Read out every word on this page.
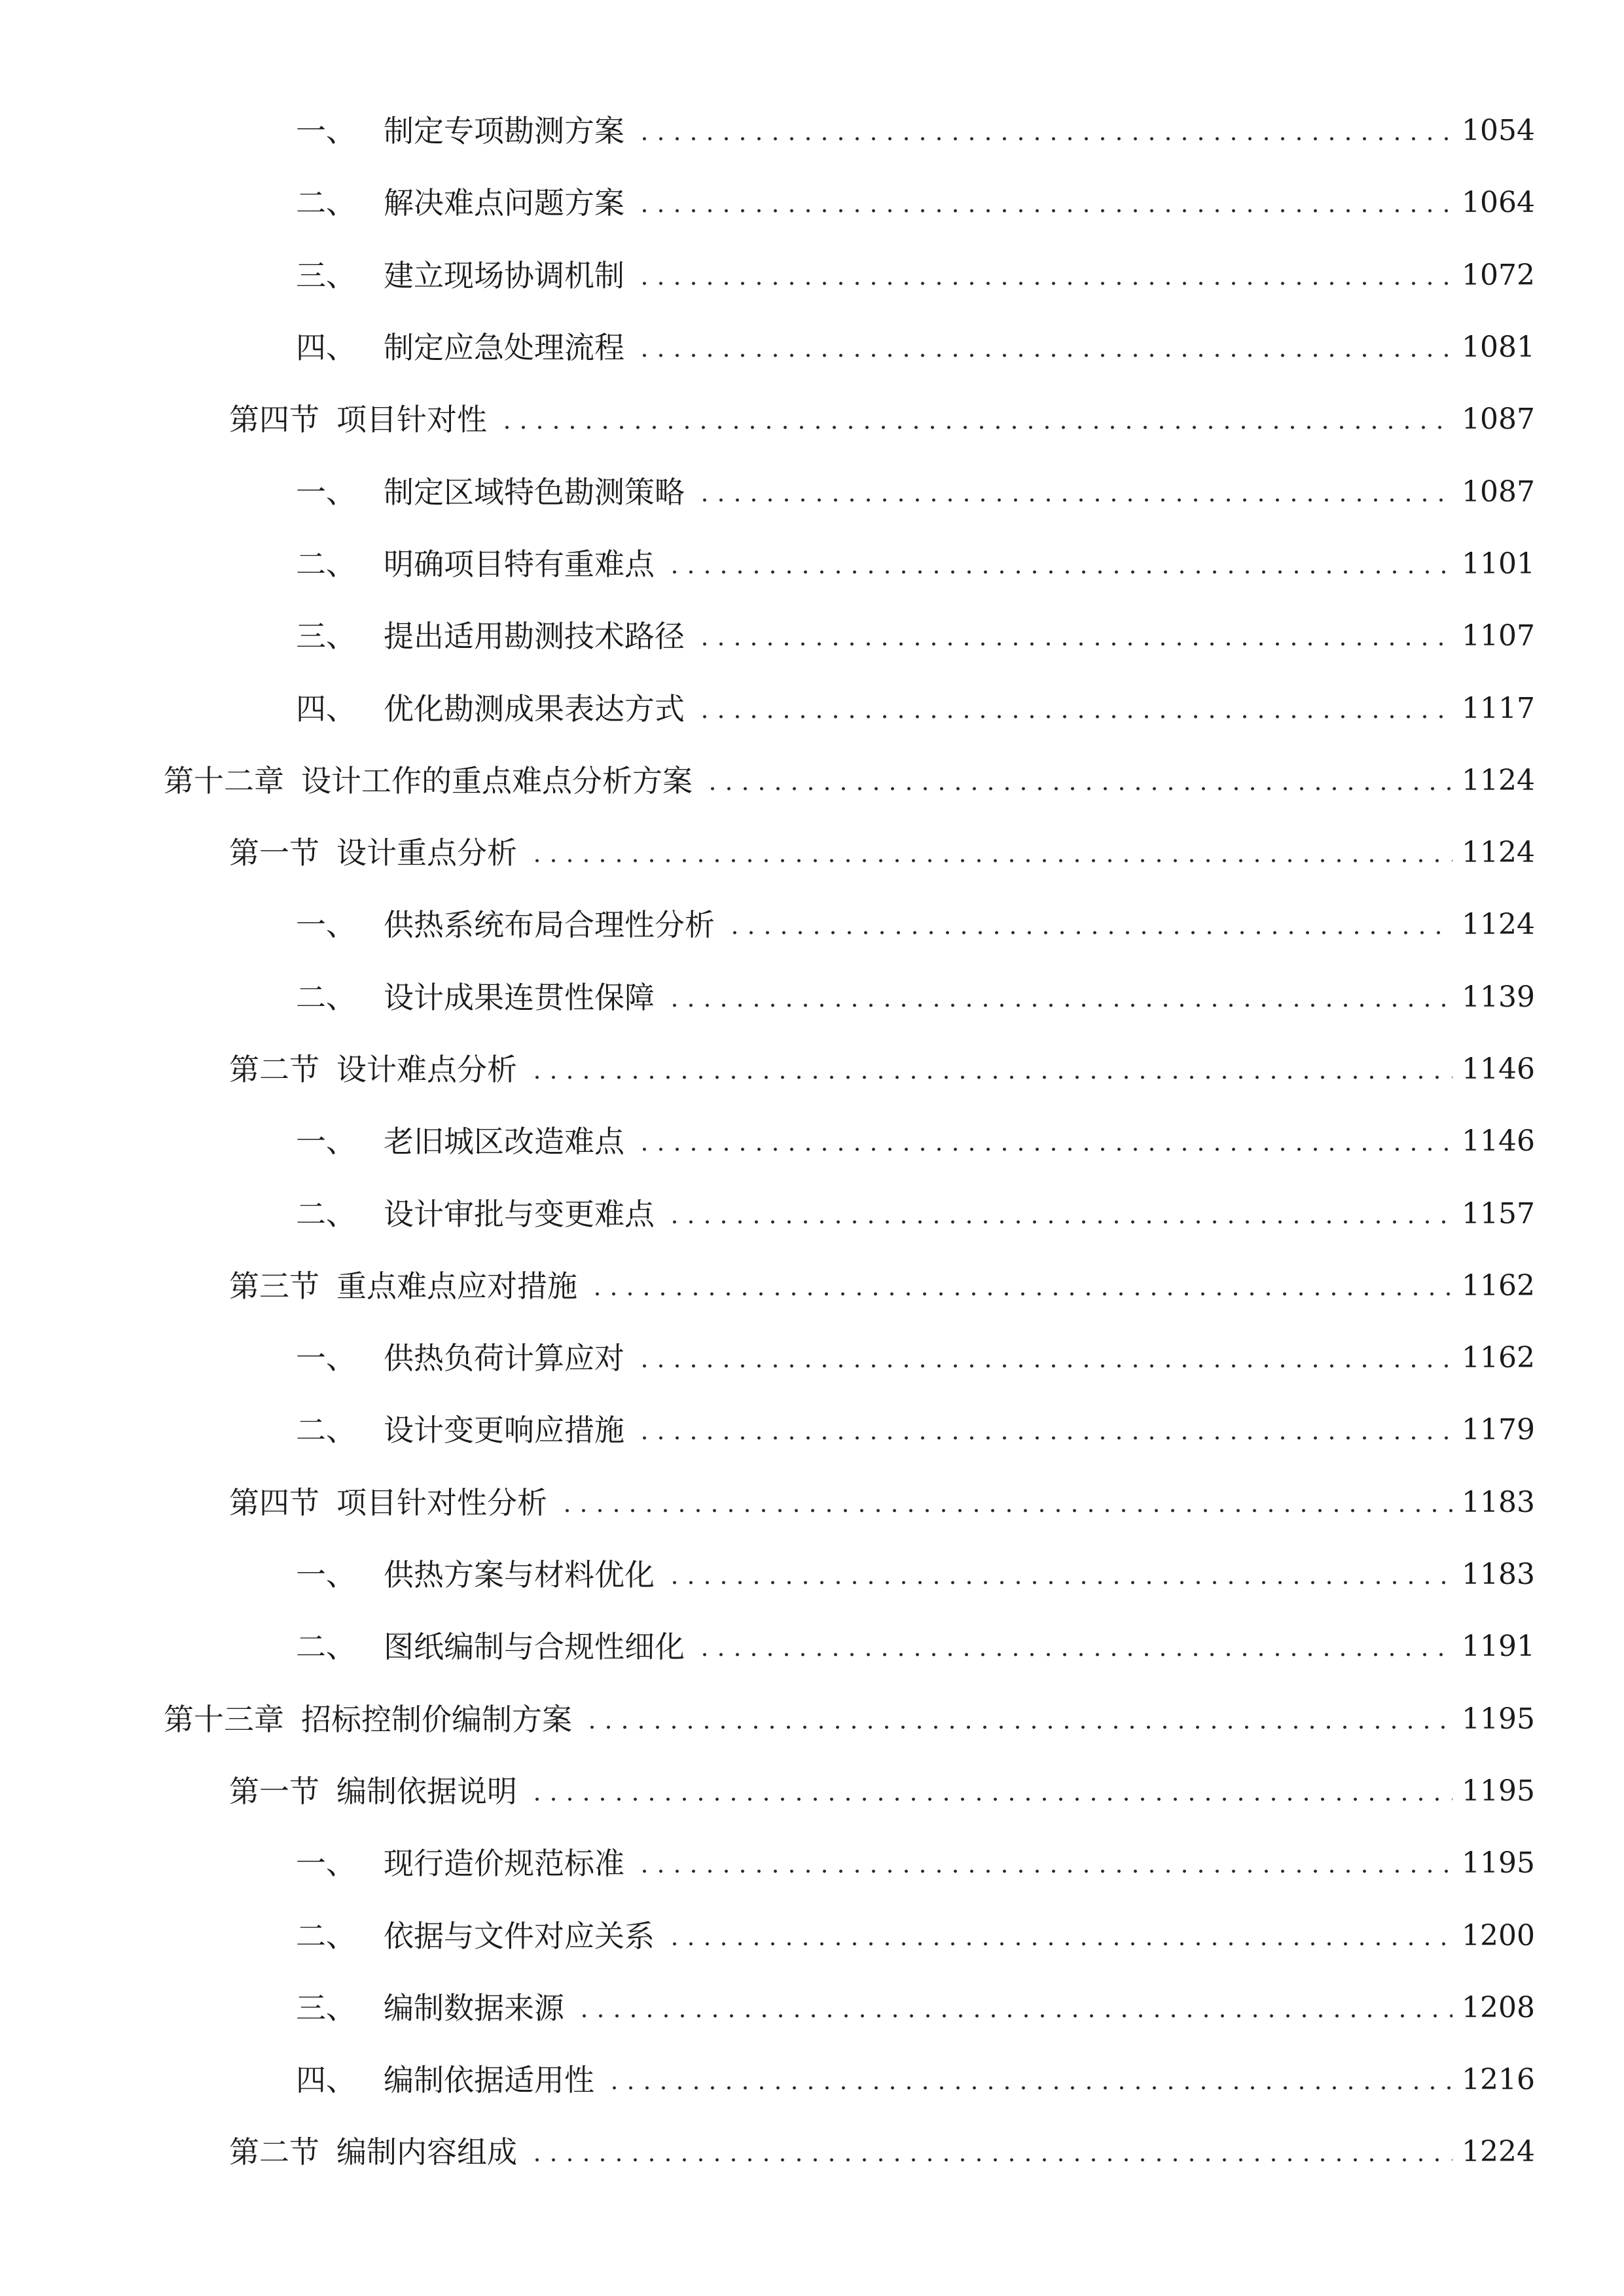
一、 制定专项勘测方案	1054
二、 解决难点问题方案	1064
三、 建立现场协调机制	1072
四、 制定应急处理流程	1081
第四节 项目针对性	1087
一、 制定区域特色勘测策略	1087
二、 明确项目特有重难点	1101
三、 提出适用勘测技术路径	1107
四、 优化勘测成果表达方式	1117
第十二章 设计工作的重点难点分析方案	1124
第一节 设计重点分析	1124
一、 供热系统布局合理性分析	1124
二、 设计成果连贯性保障	1139
第二节 设计难点分析	1146
一、 老旧城区改造难点	1146
二、 设计审批与变更难点	1157
第三节 重点难点应对措施	1162
一、 供热负荷计算应对	1162
二、 设计变更响应措施	1179
第四节 项目针对性分析	1183
一、 供热方案与材料优化	1183
二、 图纸编制与合规性细化	1191
第十三章 招标控制价编制方案	1195
第一节 编制依据说明	1195
一、 现行造价规范标准	1195
二、 依据与文件对应关系	1200
三、 编制数据来源	1208
四、 编制依据适用性	1216
第二节 编制内容组成	1224
